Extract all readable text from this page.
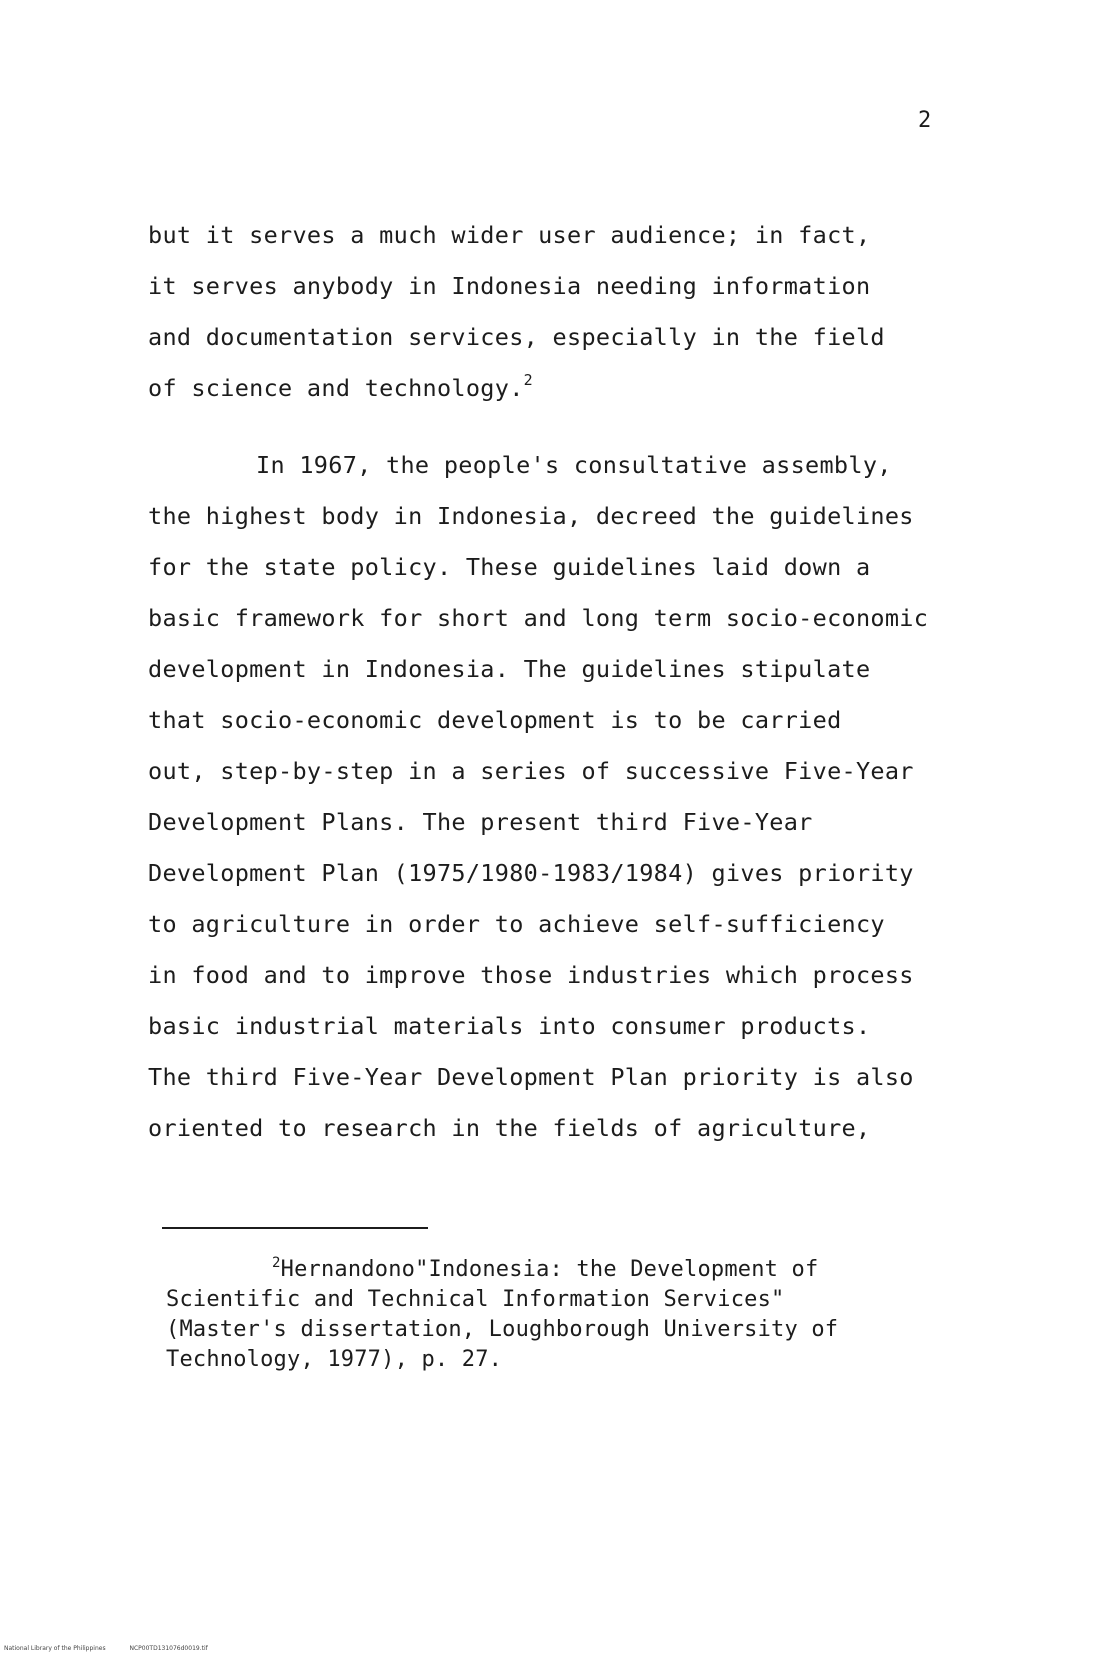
2
but it serves a much wider user audience; in fact,
it serves anybody in Indonesia needing information
and documentation services, especially in the field
of science and technology.$^2$
In 1967, the people's consultative assembly,
the highest body in Indonesia, decreed the guidelines
for the state policy. These guidelines laid down a
basic framework for short and long term socio-economic
development in Indonesia. The guidelines stipulate
that socio-economic development is to be carried
out, step-by-step in a series of successive Five-Year
Development Plans. The present third Five-Year
Development Plan (1975/1980-1983/1984) gives priority
to agriculture in order to achieve self-sufficiency
in food and to improve those industries which process
basic industrial materials into consumer products.
The third Five-Year Development Plan priority is also
oriented to research in the fields of agriculture,
$^2$Hernandono"Indonesia: the Development of
Scientific and Technical Information Services"
(Master's dissertation, Loughborough University of
Technology, 1977), p. 27.
National Library of the Philippines	NCP00TD131076d0019.tif
